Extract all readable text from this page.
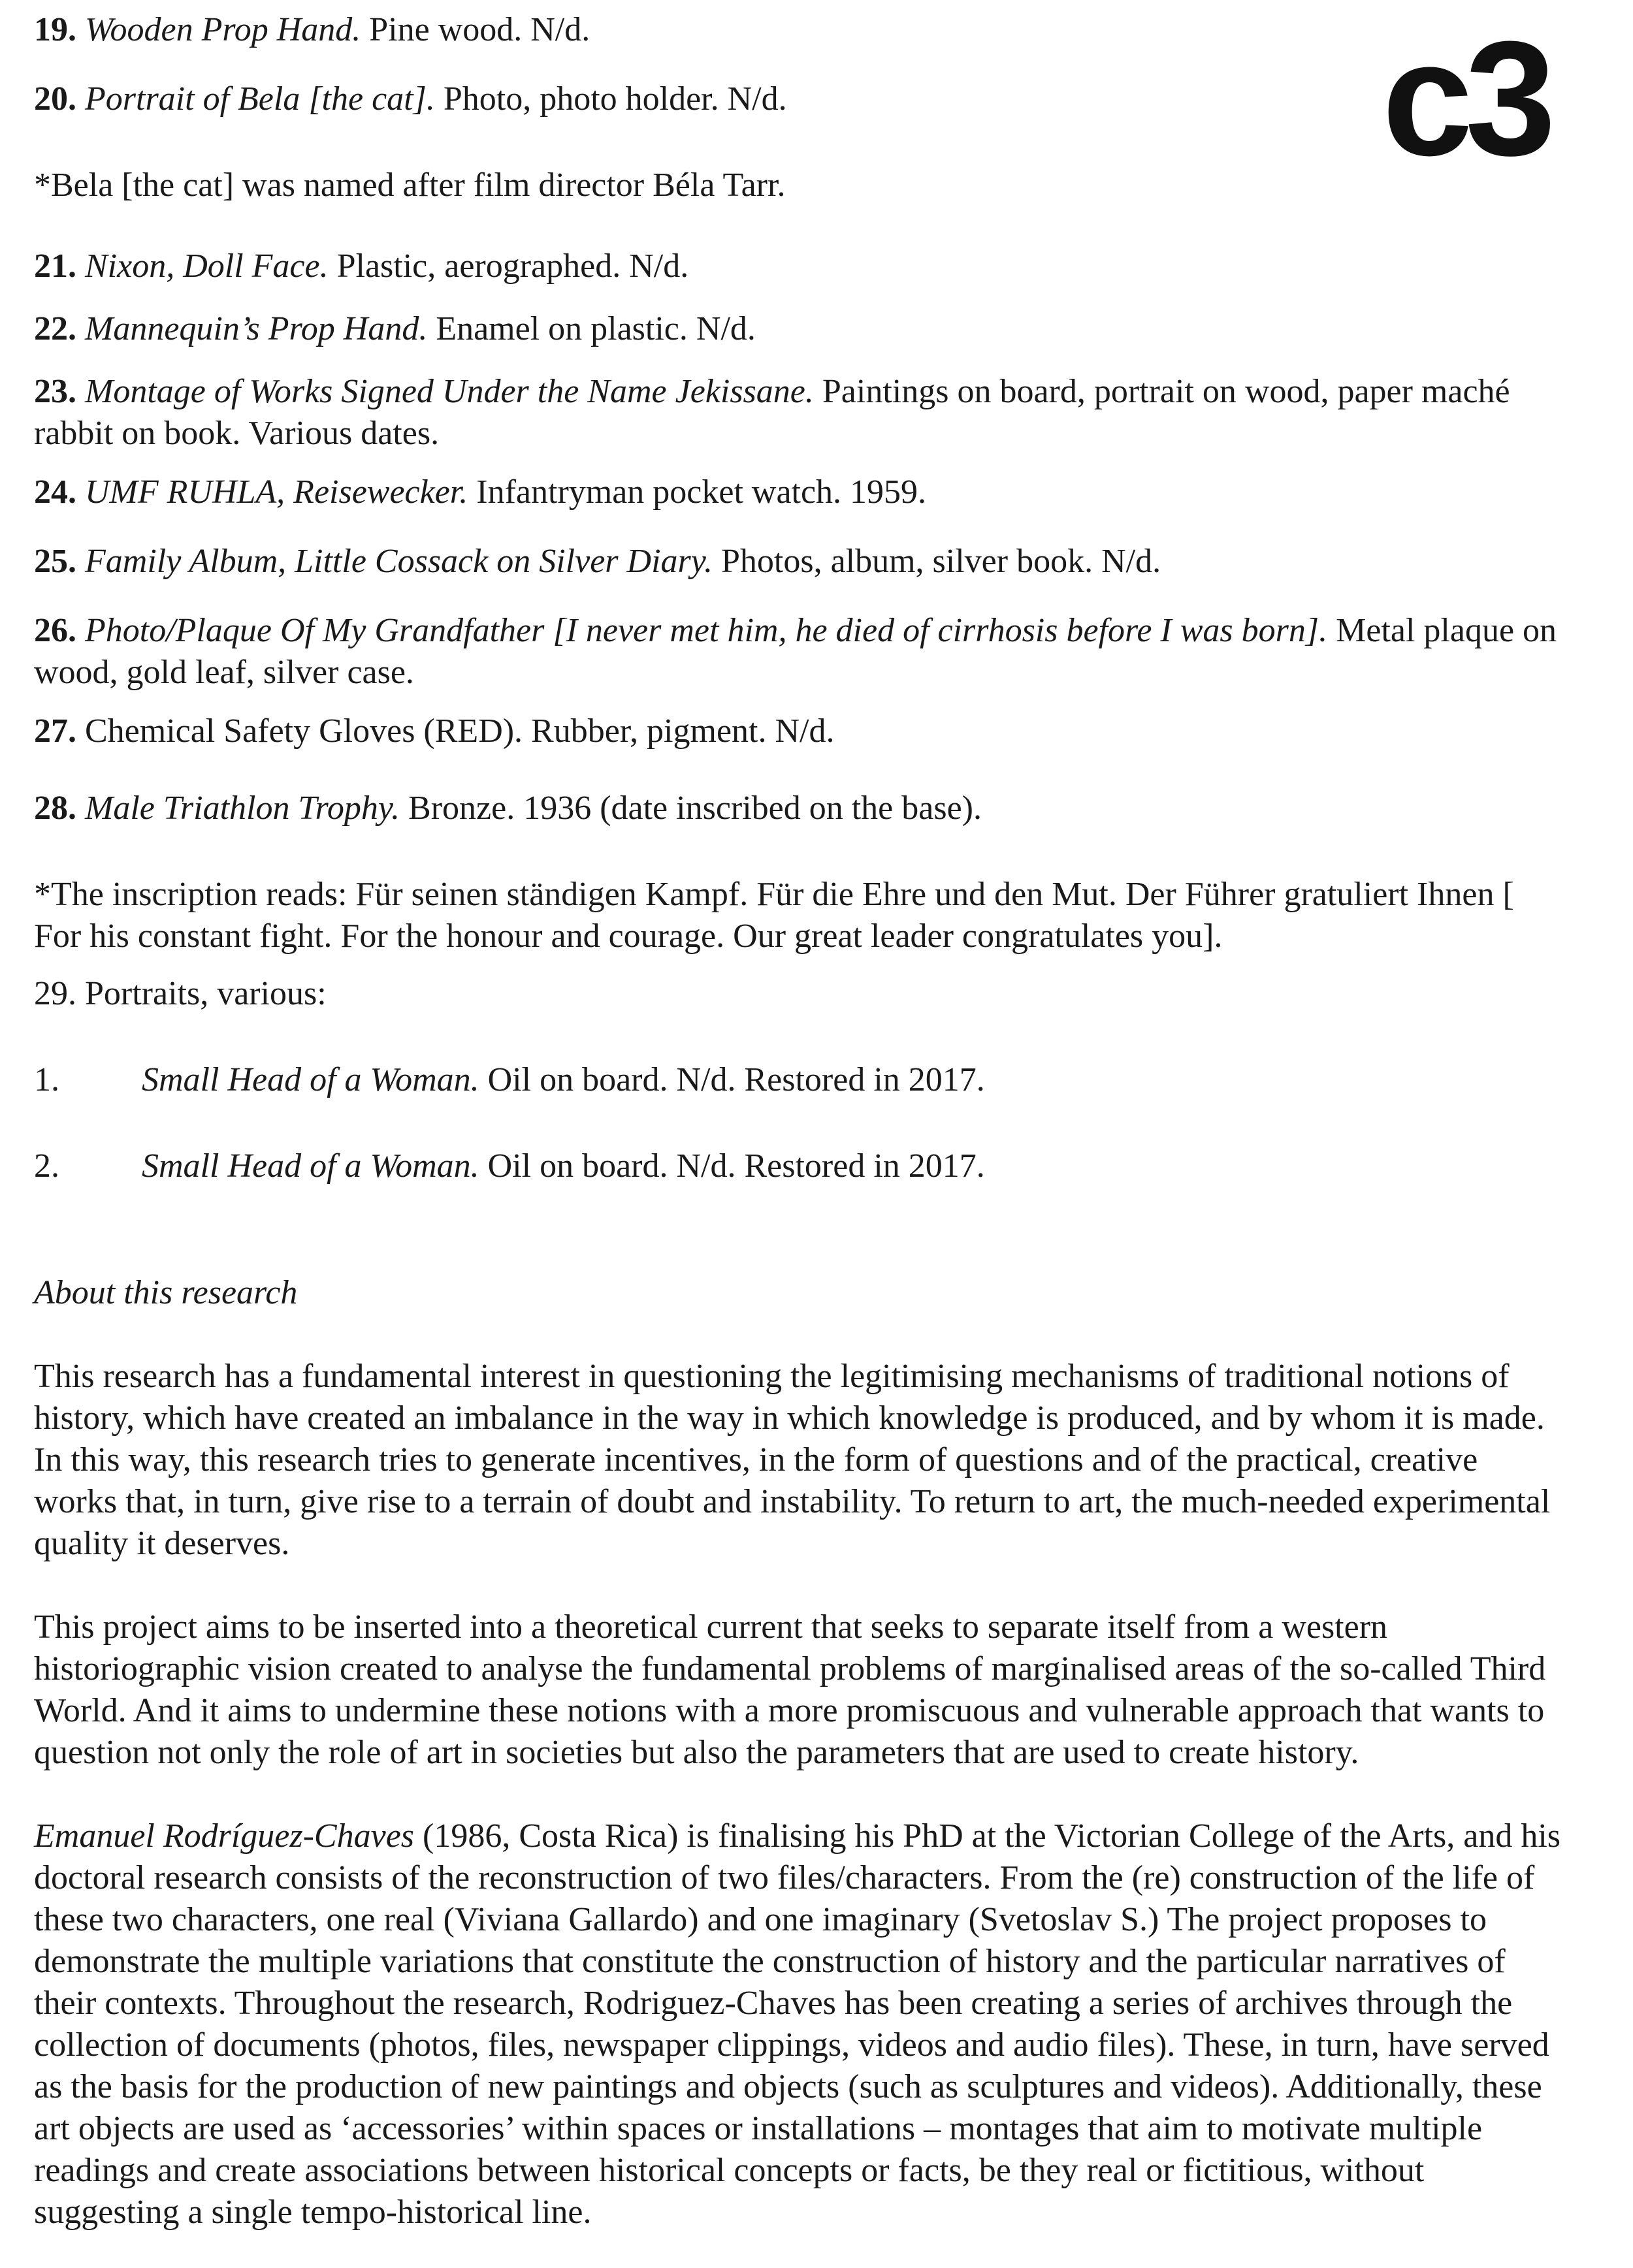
c3

19. Wooden Prop Hand. Pine wood. N/d.

20. Portrait of Bela [the cat]. Photo, photo holder. N/d.

*Bela [the cat] was named after film director Béla Tarr.

21. Nixon, Doll Face. Plastic, aerographed. N/d.

22. Mannequin’s Prop Hand. Enamel on plastic. N/d.

23. Montage of Works Signed Under the Name Jekissane. Paintings on board, portrait on wood, paper maché rabbit on book. Various dates.

24. UMF RUHLA, Reisewecker. Infantryman pocket watch. 1959.

25. Family Album, Little Cossack on Silver Diary. Photos, album, silver book. N/d.

26. Photo/Plaque Of My Grandfather [I never met him, he died of cirrhosis before I was born]. Metal plaque on wood, gold leaf, silver case.

27. Chemical Safety Gloves (RED). Rubber, pigment. N/d.

28. Male Triathlon Trophy. Bronze. 1936 (date inscribed on the base).

*The inscription reads: Für seinen ständigen Kampf. Für die Ehre und den Mut. Der Führer gratuliert Ihnen [ For his constant fight. For the honour and courage. Our great leader congratulates you].

29. Portraits, various:

1.	Small Head of a Woman. Oil on board. N/d. Restored in 2017.

2.	Small Head of a Woman. Oil on board. N/d. Restored in 2017.

About this research

This research has a fundamental interest in questioning the legitimising mechanisms of traditional notions of history, which have created an imbalance in the way in which knowledge is produced, and by whom it is made. In this way, this research tries to generate incentives, in the form of questions and of the practical, creative works that, in turn, give rise to a terrain of doubt and instability. To return to art, the much-needed experimental quality it deserves.

This project aims to be inserted into a theoretical current that seeks to separate itself from a western historiographic vision created to analyse the fundamental problems of marginalised areas of the so-called Third World. And it aims to undermine these notions with a more promiscuous and vulnerable approach that wants to question not only the role of art in societies but also the parameters that are used to create history.

Emanuel Rodríguez-Chaves (1986, Costa Rica) is finalising his PhD at the Victorian College of the Arts, and his doctoral research consists of the reconstruction of two files/characters. From the (re) construction of the life of these two characters, one real (Viviana Gallardo) and one imaginary (Svetoslav S.) The project proposes to demonstrate the multiple variations that constitute the construction of history and the particular narratives of their contexts. Throughout the research, Rodriguez-Chaves has been creating a series of archives through the collection of documents (photos, files, newspaper clippings, videos and audio files). These, in turn, have served as the basis for the production of new paintings and objects (such as sculptures and videos). Additionally, these art objects are used as ‘accessories’ within spaces or installations – montages that aim to motivate multiple readings and create associations between historical concepts or facts, be they real or fictitious, without suggesting a single tempo-historical line.
